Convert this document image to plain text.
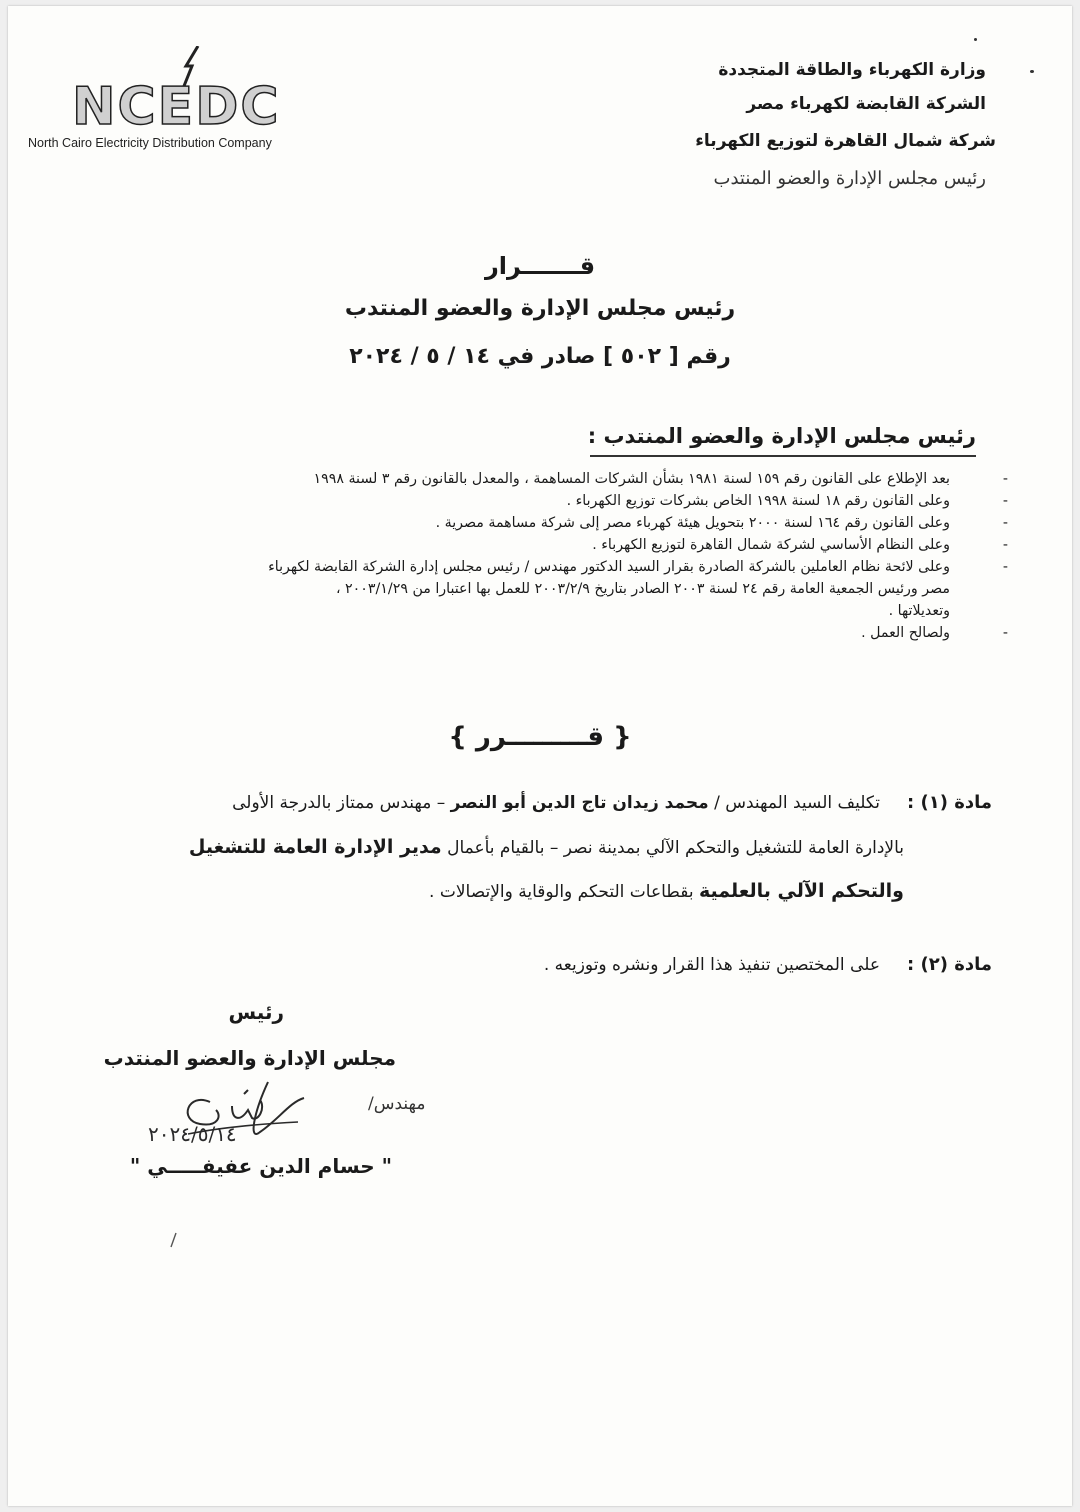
NCEDC
North Cairo Electricity Distribution Company
وزارة الكهرباء والطاقة المتجددة
الشركة القابضة لكهرباء مصر
شركة شمال القاهرة لتوزيع الكهرباء
رئيس مجلس الإدارة والعضو المنتدب
قـــــــرار
رئيس مجلس الإدارة والعضو المنتدب
رقم [ ٥٠٢ ] صادر في ١٤ / ٥ / ٢٠٢٤
رئيس مجلس الإدارة والعضو المنتدب :
-
بعد الإطلاع على القانون رقم ١٥٩ لسنة ١٩٨١ بشأن الشركات المساهمة ، والمعدل بالقانون رقم ٣ لسنة ١٩٩٨
-
وعلى القانون رقم ١٨ لسنة ١٩٩٨ الخاص بشركات توزيع الكهرباء .
-
وعلى القانون رقم ١٦٤ لسنة ٢٠٠٠ بتحويل هيئة كهرباء مصر إلى شركة مساهمة مصرية .
-
وعلى النظام الأساسي لشركة شمال القاهرة لتوزيع الكهرباء .
-
وعلى لائحة نظام العاملين بالشركة الصادرة بقرار السيد الدكتور مهندس / رئيس مجلس إدارة الشركة القابضة لكهرباء
مصر ورئيس الجمعية العامة رقم ٢٤ لسنة ٢٠٠٣ الصادر بتاريخ ٢٠٠٣/٢/٩ للعمل بها اعتبارا من ٢٠٠٣/١/٢٩ ،
وتعديلاتها .
-
ولصالح العمل .
{ قـــــــــرر }
مادة (١) :     تكليف السيد المهندس / محمد زيدان تاج الدين أبو النصر – مهندس ممتاز بالدرجة الأولى
بالإدارة العامة للتشغيل والتحكم الآلي بمدينة نصر – بالقيام بأعمال مدير الإدارة العامة للتشغيل
والتحكم الآلي بالعلمية بقطاعات التحكم والوقاية والإتصالات .
مادة (٢) :     على المختصين تنفيذ هذا القرار ونشره وتوزيعه .
رئيس
مجلس الإدارة والعضو المنتدب
مهندس/
٢٠٢٤/٥/١٤
" حسام الدين عفيفـــــي "
